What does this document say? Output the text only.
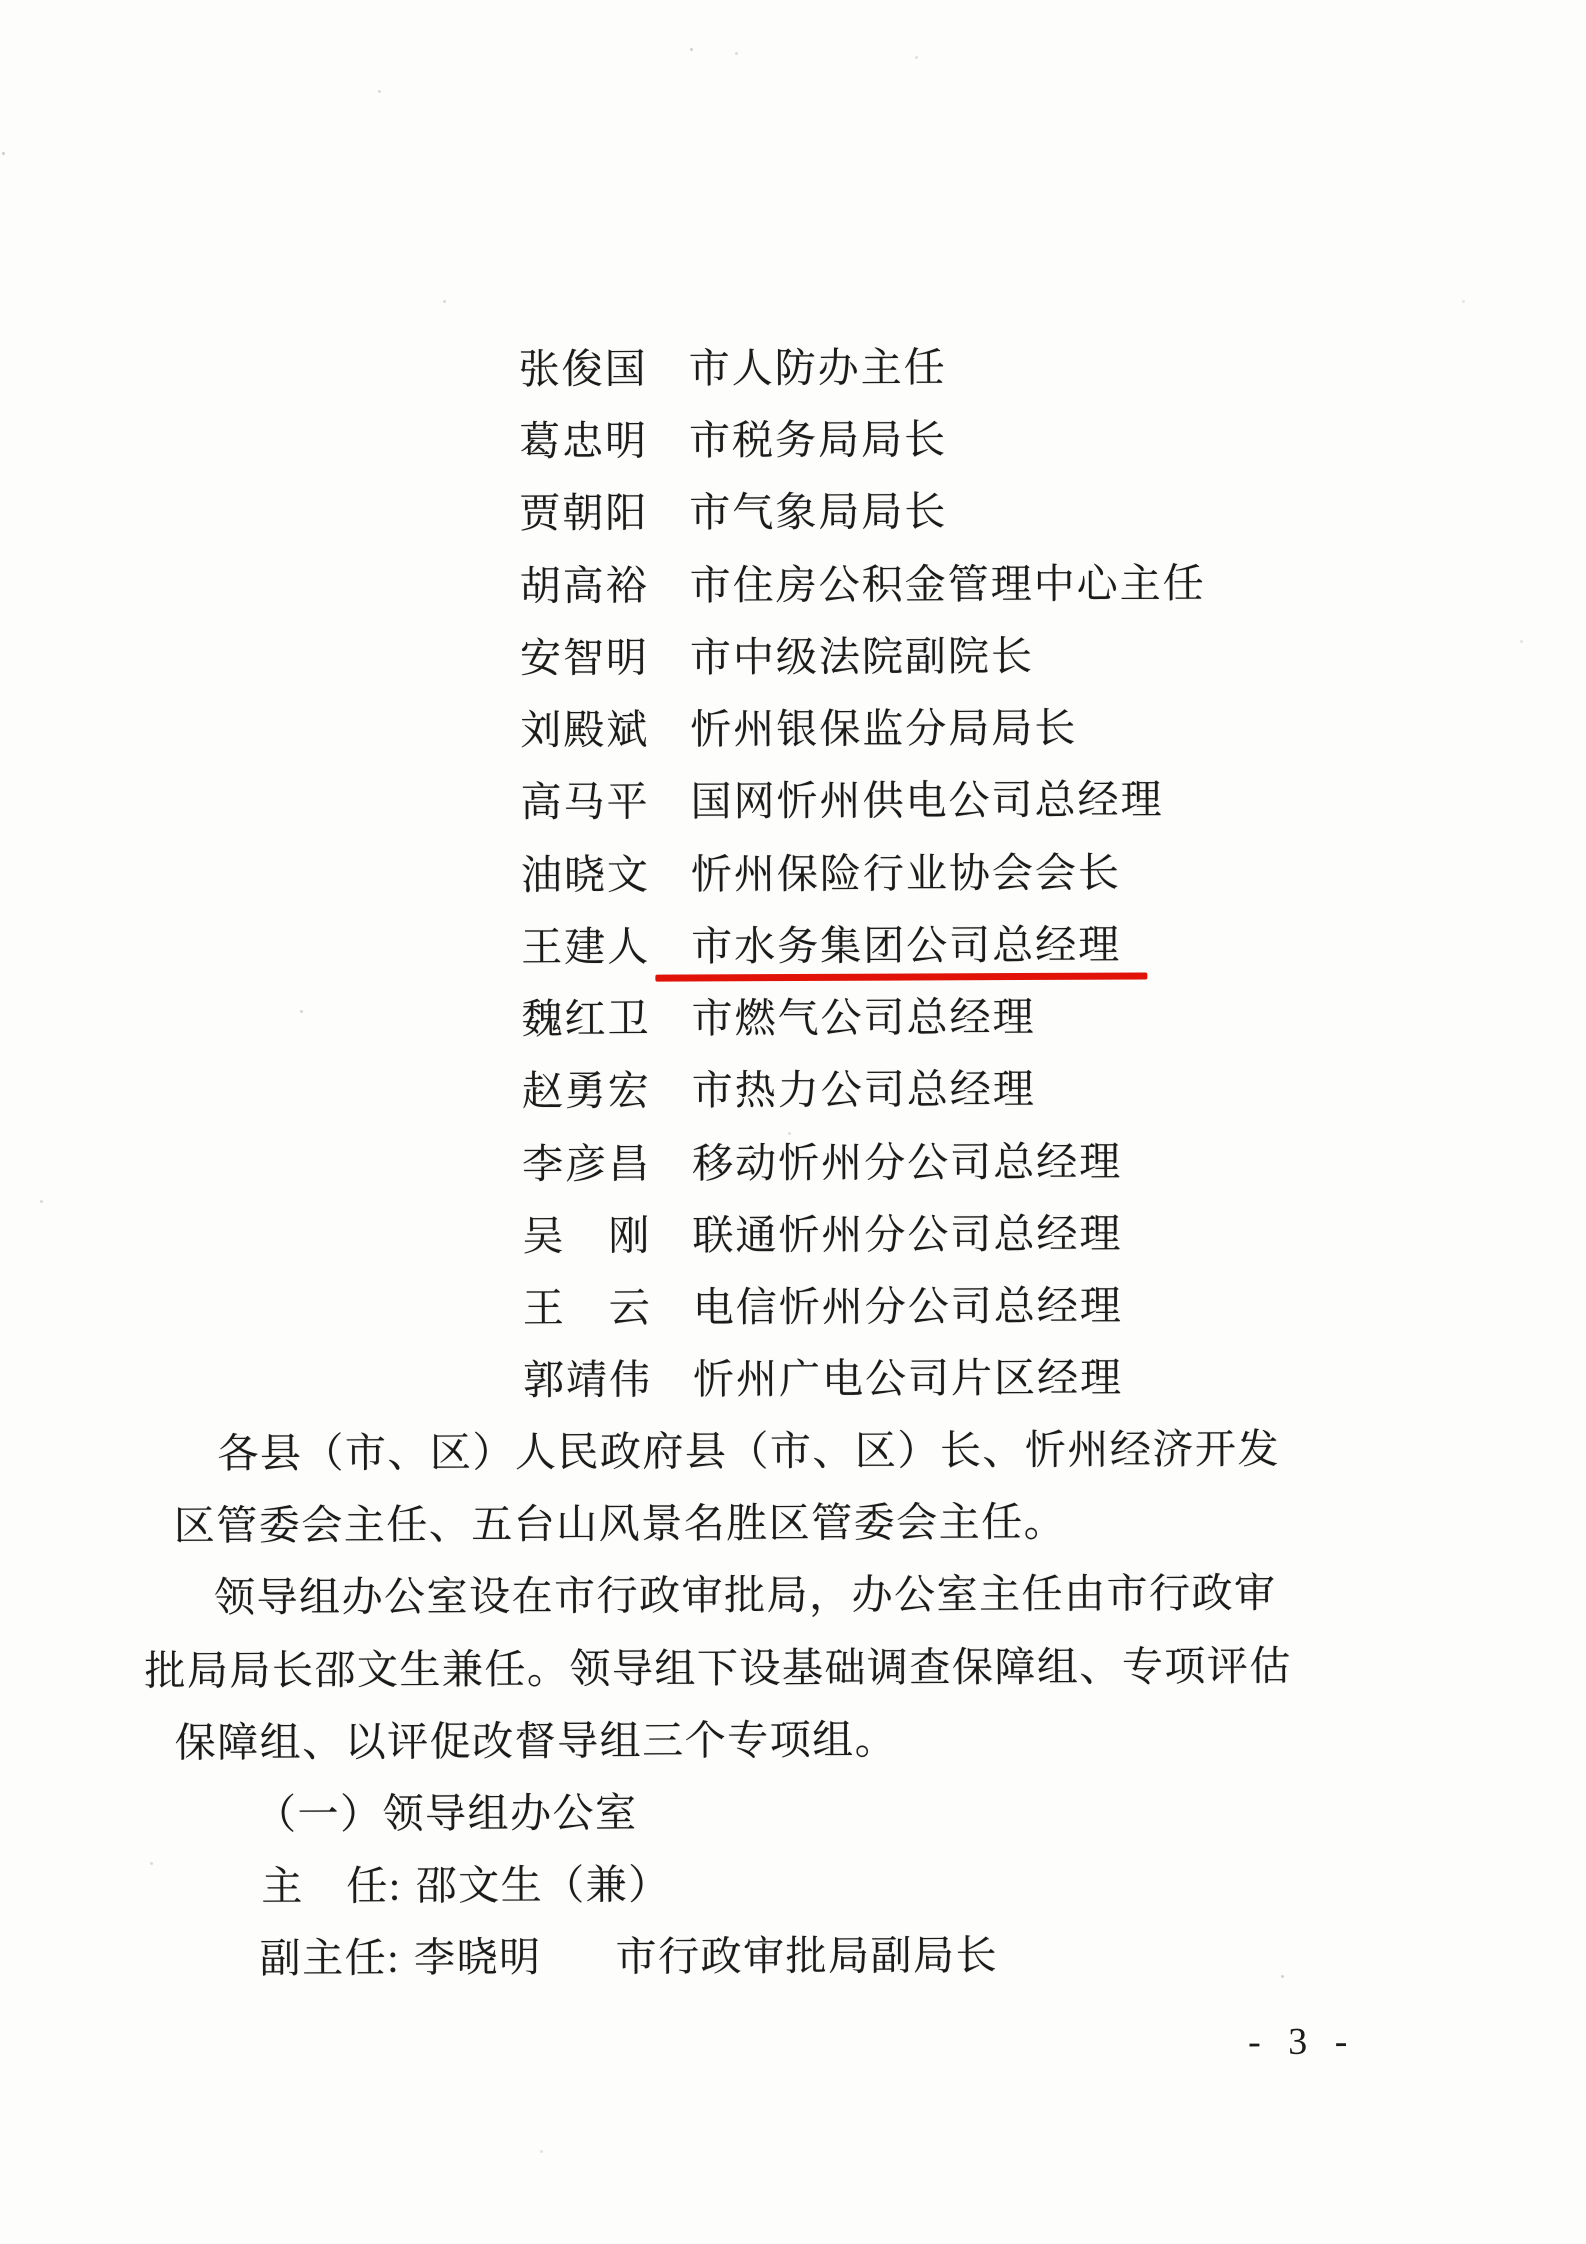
张俊国 市人防办主任
葛忠明 市税务局局长
贾朝阳 市气象局局长
胡高裕 市住房公积金管理中心主任
安智明 市中级法院副院长
刘殿斌 忻州银保监分局局长
高马平 国网忻州供电公司总经理
油晓文 忻州保险行业协会会长
王建人 市水务集团公司总经理
魏红卫 市燃气公司总经理
赵勇宏 市热力公司总经理
李彦昌 移动忻州分公司总经理
吴　刚 联通忻州分公司总经理
王　云 电信忻州分公司总经理
郭靖伟 忻州广电公司片区经理
各县（市、区）人民政府县（市、区）长、忻州经济开发
区管委会主任、五台山风景名胜区管委会主任。
领导组办公室设在市行政审批局，办公室主任由市行政审
批局局长邵文生兼任。领导组下设基础调查保障组、专项评估
保障组、以评促改督导组三个专项组。
（一）领导组办公室
主　任: 邵文生（兼）
副主任: 李晓明 市行政审批局副局长
- 3 -
